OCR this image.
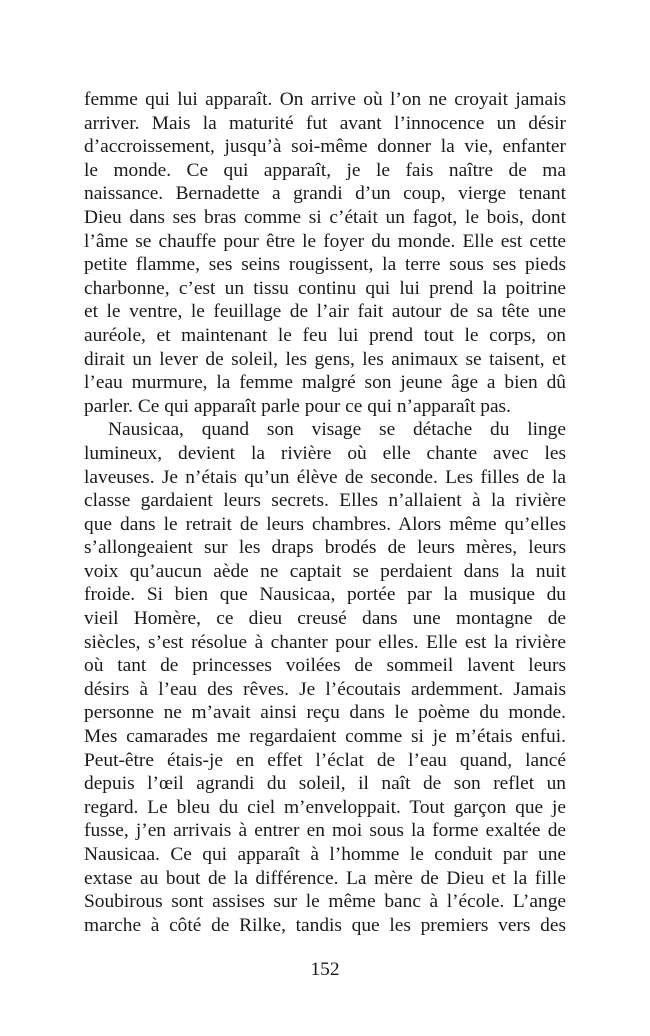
femme qui lui apparaît. On arrive où l’on ne croyait jamais
arriver. Mais la maturité fut avant l’innocence un désir
d’accroissement, jusqu’à soi-même donner la vie, enfanter
le monde. Ce qui apparaît, je le fais naître de ma
naissance. Bernadette a grandi d’un coup, vierge tenant
Dieu dans ses bras comme si c’était un fagot, le bois, dont
l’âme se chauffe pour être le foyer du monde. Elle est cette
petite flamme, ses seins rougissent, la terre sous ses pieds
charbonne, c’est un tissu continu qui lui prend la poitrine
et le ventre, le feuillage de l’air fait autour de sa tête une
auréole, et maintenant le feu lui prend tout le corps, on
dirait un lever de soleil, les gens, les animaux se taisent, et
l’eau murmure, la femme malgré son jeune âge a bien dû
parler. Ce qui apparaît parle pour ce qui n’apparaît pas.
Nausicaa, quand son visage se détache du linge
lumineux, devient la rivière où elle chante avec les
laveuses. Je n’étais qu’un élève de seconde. Les filles de la
classe gardaient leurs secrets. Elles n’allaient à la rivière
que dans le retrait de leurs chambres. Alors même qu’elles
s’allongeaient sur les draps brodés de leurs mères, leurs
voix qu’aucun aède ne captait se perdaient dans la nuit
froide. Si bien que Nausicaa, portée par la musique du
vieil Homère, ce dieu creusé dans une montagne de
siècles, s’est résolue à chanter pour elles. Elle est la rivière
où tant de princesses voilées de sommeil lavent leurs
désirs à l’eau des rêves. Je l’écoutais ardemment. Jamais
personne ne m’avait ainsi reçu dans le poème du monde.
Mes camarades me regardaient comme si je m’étais enfui.
Peut-être étais-je en effet l’éclat de l’eau quand, lancé
depuis l’œil agrandi du soleil, il naît de son reflet un
regard. Le bleu du ciel m’enveloppait. Tout garçon que je
fusse, j’en arrivais à entrer en moi sous la forme exaltée de
Nausicaa. Ce qui apparaît à l’homme le conduit par une
extase au bout de la différence. La mère de Dieu et la fille
Soubirous sont assises sur le même banc à l’école. L’ange
marche à côté de Rilke, tandis que les premiers vers des
152
